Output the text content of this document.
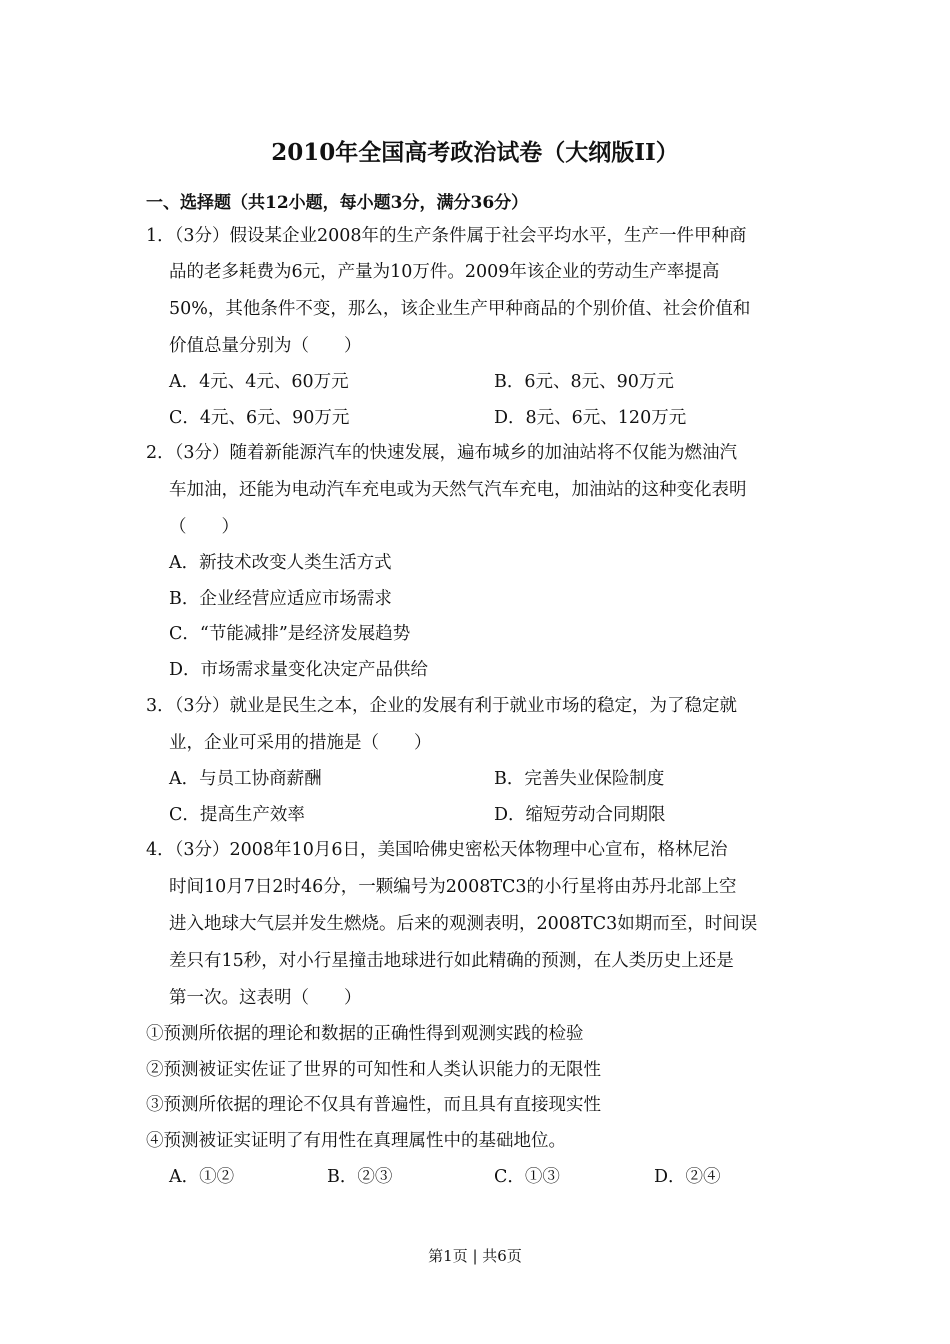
2010年全国高考政治试卷（大纲版II）
一、选择题（共12小题，每小题3分，满分36分）
1．（3分）假设某企业2008年的生产条件属于社会平均水平，生产一件甲种商
品的老多耗费为6元，产量为10万件。2009年该企业的劳动生产率提高
50%，其他条件不变，那么，该企业生产甲种商品的个别价值、社会价值和
价值总量分别为（　　）
A．4元、4元、60万元	B．6元、8元、90万元
C．4元、6元、90万元	D．8元、6元、120万元
2．（3分）随着新能源汽车的快速发展，遍布城乡的加油站将不仅能为燃油汽
车加油，还能为电动汽车充电或为天然气汽车充电，加油站的这种变化表明
（　　）
A．新技术改变人类生活方式
B．企业经营应适应市场需求
C．“节能减排”是经济发展趋势
D．市场需求量变化决定产品供给
3．（3分）就业是民生之本，企业的发展有利于就业市场的稳定，为了稳定就
业，企业可采用的措施是（　　）
A．与员工协商薪酬	B．完善失业保险制度
C．提高生产效率	D．缩短劳动合同期限
4．（3分）2008年10月6日，美国哈佛史密松天体物理中心宣布，格林尼治
时间10月7日2时46分，一颗编号为2008TC3的小行星将由苏丹北部上空
进入地球大气层并发生燃烧。后来的观测表明，2008TC3如期而至，时间误
差只有15秒，对小行星撞击地球进行如此精确的预测，在人类历史上还是
第一次。这表明（　　）
①预测所依据的理论和数据的正确性得到观测实践的检验
②预测被证实佐证了世界的可知性和人类认识能力的无限性
③预测所依据的理论不仅具有普遍性，而且具有直接现实性
④预测被证实证明了有用性在真理属性中的基础地位。
A．①②	B．②③	C．①③	D．②④
第1页 | 共6页
